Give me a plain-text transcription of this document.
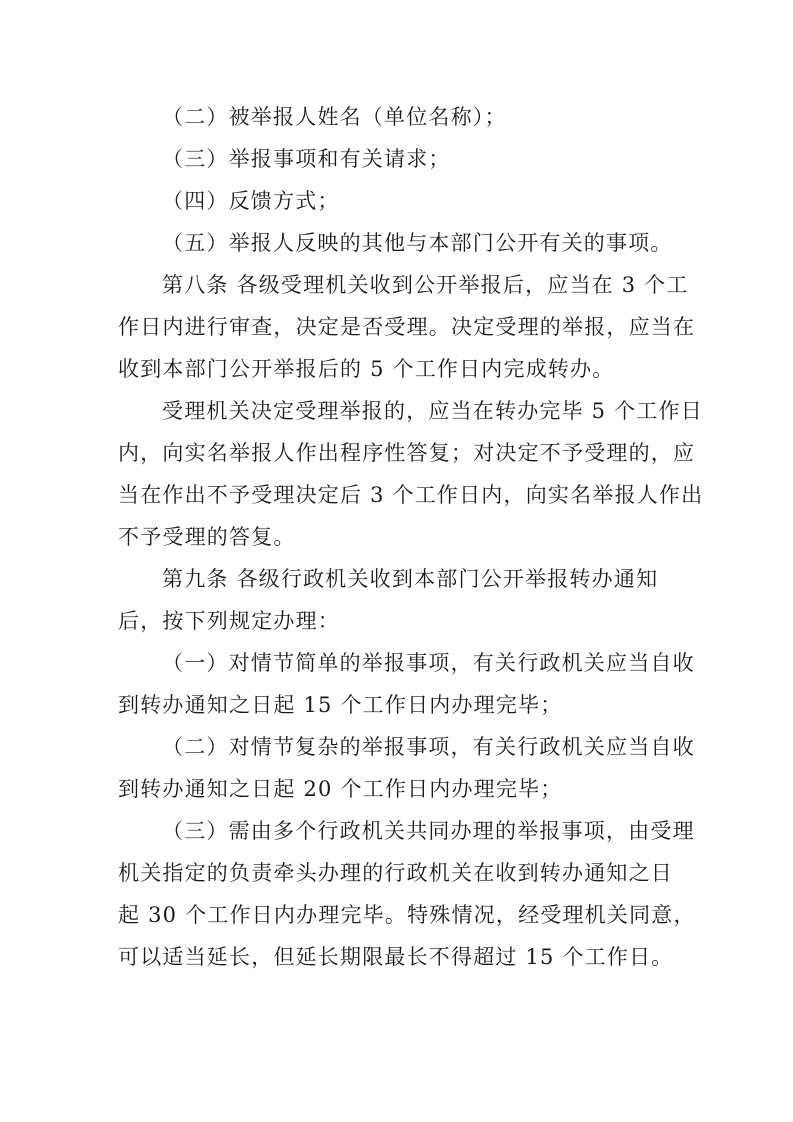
（二）被举报人姓名（单位名称）；
（三）举报事项和有关请求；
（四）反馈方式；
（五）举报人反映的其他与本部门公开有关的事项。
第八条 各级受理机关收到公开举报后，应当在 3 个工
作日内进行审查，决定是否受理。决定受理的举报，应当在
收到本部门公开举报后的 5 个工作日内完成转办。
受理机关决定受理举报的，应当在转办完毕 5 个工作日
内，向实名举报人作出程序性答复；对决定不予受理的，应
当在作出不予受理决定后 3 个工作日内，向实名举报人作出
不予受理的答复。
第九条 各级行政机关收到本部门公开举报转办通知
后，按下列规定办理：
（一）对情节简单的举报事项，有关行政机关应当自收
到转办通知之日起 15 个工作日内办理完毕；
（二）对情节复杂的举报事项，有关行政机关应当自收
到转办通知之日起 20 个工作日内办理完毕；
（三）需由多个行政机关共同办理的举报事项，由受理
机关指定的负责牵头办理的行政机关在收到转办通知之日
起 30 个工作日内办理完毕。特殊情况，经受理机关同意，
可以适当延长，但延长期限最长不得超过 15 个工作日。
